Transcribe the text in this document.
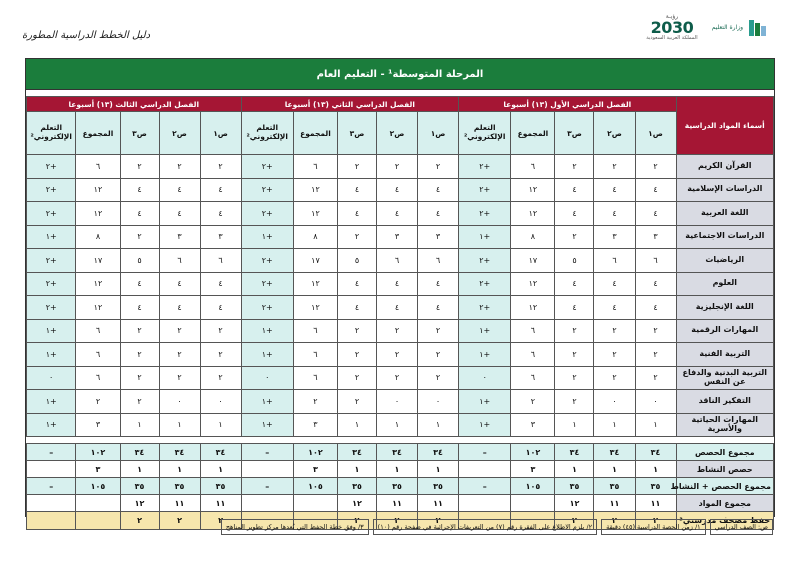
دليل الخطط الدراسية المطورة
رؤيـة
2030
المملكة العربية السعودية
وزارة التعليم
المرحلة المتوسطة¹ - التعليم العام

أسماء المواد الدراسية	الفصل الدراسي الأول (١٣) أسبوعا					الفصل الدراسي الثاني (١٣) أسبوعا					الفصل الدراسي الثالث (١٣) أسبوعا				
	ص١	ص٢	ص٣	المجموع	التعلم الإلكتروني²	ص١	ص٢	ص٣	المجموع	التعلم الإلكتروني²	ص١	ص٢	ص٣	المجموع	التعلم الإلكتروني²
القرآن الكريم	٢	٢	٢	٦	+٢	٢	٢	٢	٦	+٢	٢	٢	٢	٦	+٢
الدراسات الإسلامية	٤	٤	٤	١٢	+٢	٤	٤	٤	١٢	+٢	٤	٤	٤	١٢	+٢
اللغة العربية	٤	٤	٤	١٢	+٢	٤	٤	٤	١٢	+٢	٤	٤	٤	١٢	+٢
الدراسات الاجتماعية	٣	٣	٢	٨	+١	٣	٣	٢	٨	+١	٣	٣	٢	٨	+١
الرياضيات	٦	٦	٥	١٧	+٢	٦	٦	٥	١٧	+٢	٦	٦	٥	١٧	+٢
العلوم	٤	٤	٤	١٢	+٢	٤	٤	٤	١٢	+٢	٤	٤	٤	١٢	+٢
اللغة الإنجليزية	٤	٤	٤	١٢	+٢	٤	٤	٤	١٢	+٢	٤	٤	٤	١٢	+٢
المهارات الرقمية	٢	٢	٢	٦	+١	٢	٢	٢	٦	+١	٢	٢	٢	٦	+١
التربية الفنية	٢	٢	٢	٦	+١	٢	٢	٢	٦	+١	٢	٢	٢	٦	+١
التربية البدنية والدفاع عن النفس	٢	٢	٢	٦	٠	٢	٢	٢	٦	٠	٢	٢	٢	٦	٠
التفكير الناقد	٠	٠	٢	٢	+١	٠	٠	٢	٢	+١	٠	٠	٢	٢	+١
المهارات الحياتية والأسرية	١	١	١	٣	+١	١	١	١	٣	+١	١	١	١	٣	+١

مجموع الحصص	٣٤	٣٤	٣٤	١٠٢	–	٣٤	٣٤	٣٤	١٠٢	–	٣٤	٣٤	٣٤	١٠٢	–
حصص النشاط	١	١	١	٣		١	١	١	٣		١	١	١	٣	
مجموع الحصص + النشاط	٣٥	٣٥	٣٥	١٠٥	–	٣٥	٣٥	٣٥	١٠٥	–	٣٥	٣٥	٣٥	١٠٥	–
مجموع المواد	١١	١١	١٢			١١	١١	١٢			١١	١١	١٢		
حفظ مصحف مدرستي³	٢	٢	٢			٢	٢	٢			٢	٢	٢		
ص: الصف الدراسي
١/ زمن الحصة الدراسية (٤٥) دقيقة
٢/ يلزم الاطلاع على الفقرة رقم (٧) من التعريفات الإجرائية في صفحة رقم (١٠)
٣/ وفق خطة الحفظ التي يُعدها مركز تطوير المناهج
